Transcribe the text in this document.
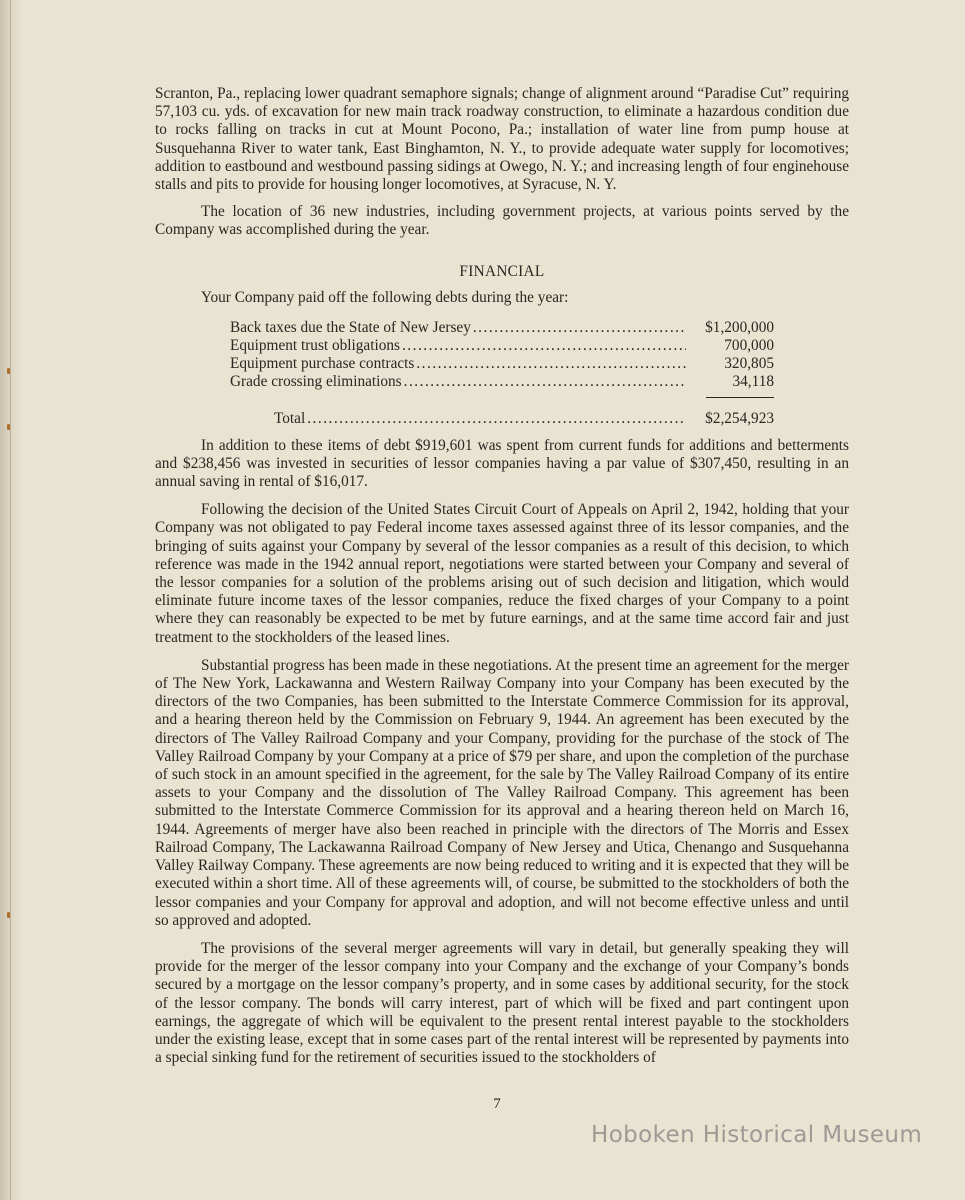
Scranton, Pa., replacing lower quadrant semaphore signals; change of alignment around “Paradise Cut” requiring 57,103 cu. yds. of excavation for new main track roadway construction, to eliminate a hazardous condition due to rocks falling on tracks in cut at Mount Pocono, Pa.; installation of water line from pump house at Susquehanna River to water tank, East Binghamton, N. Y., to provide adequate water supply for locomotives; addition to eastbound and westbound passing sidings at Owego, N. Y.; and increasing length of four enginehouse stalls and pits to provide for housing longer locomotives, at Syracuse, N. Y.

The location of 36 new industries, including government projects, at various points served by the Company was accomplished during the year.

FINANCIAL
Your Company paid off the following debts during the year:
Back taxes due the State of New Jersey .....	$1,200,000
Equipment trust obligations .....	700,000
Equipment purchase contracts .....	320,805
Grade crossing eliminations .....	34,118
Total .....	$2,254,923

In addition to these items of debt $919,601 was spent from current funds for additions and betterments and $238,456 was invested in securities of lessor companies having a par value of $307,450, resulting in an annual saving in rental of $16,017.

Following the decision of the United States Circuit Court of Appeals on April 2, 1942, holding that your Company was not obligated to pay Federal income taxes assessed against three of its lessor companies, and the bringing of suits against your Company by several of the lessor companies as a result of this decision, to which reference was made in the 1942 annual report, negotiations were started between your Company and several of the lessor companies for a solution of the problems arising out of such decision and litigation, which would eliminate future income taxes of the lessor companies, reduce the fixed charges of your Company to a point where they can reasonably be expected to be met by future earnings, and at the same time accord fair and just treatment to the stockholders of the leased lines.

Substantial progress has been made in these negotiations. At the present time an agreement for the merger of The New York, Lackawanna and Western Railway Company into your Company has been executed by the directors of the two Companies, has been submitted to the Interstate Commerce Commission for its approval, and a hearing thereon held by the Commission on February 9, 1944. An agreement has been executed by the directors of The Valley Railroad Company and your Company, providing for the purchase of the stock of The Valley Railroad Company by your Company at a price of $79 per share, and upon the completion of the purchase of such stock in an amount specified in the agreement, for the sale by The Valley Railroad Company of its entire assets to your Company and the dissolution of The Valley Railroad Company. This agreement has been submitted to the Interstate Commerce Commission for its approval and a hearing thereon held on March 16, 1944. Agreements of merger have also been reached in principle with the directors of The Morris and Essex Railroad Company, The Lackawanna Railroad Company of New Jersey and Utica, Chenango and Susquehanna Valley Railway Company. These agreements are now being reduced to writing and it is expected that they will be executed within a short time. All of these agreements will, of course, be submitted to the stockholders of both the lessor companies and your Company for approval and adoption, and will not become effective unless and until so approved and adopted.

The provisions of the several merger agreements will vary in detail, but generally speaking they will provide for the merger of the lessor company into your Company and the exchange of your Company’s bonds secured by a mortgage on the lessor company’s property, and in some cases by additional security, for the stock of the lessor company. The bonds will carry interest, part of which will be fixed and part contingent upon earnings, the aggregate of which will be equivalent to the present rental interest payable to the stockholders under the existing lease, except that in some cases part of the rental interest will be represented by payments into a special sinking fund for the retirement of securities issued to the stockholders of

7
Hoboken Historical Museum
